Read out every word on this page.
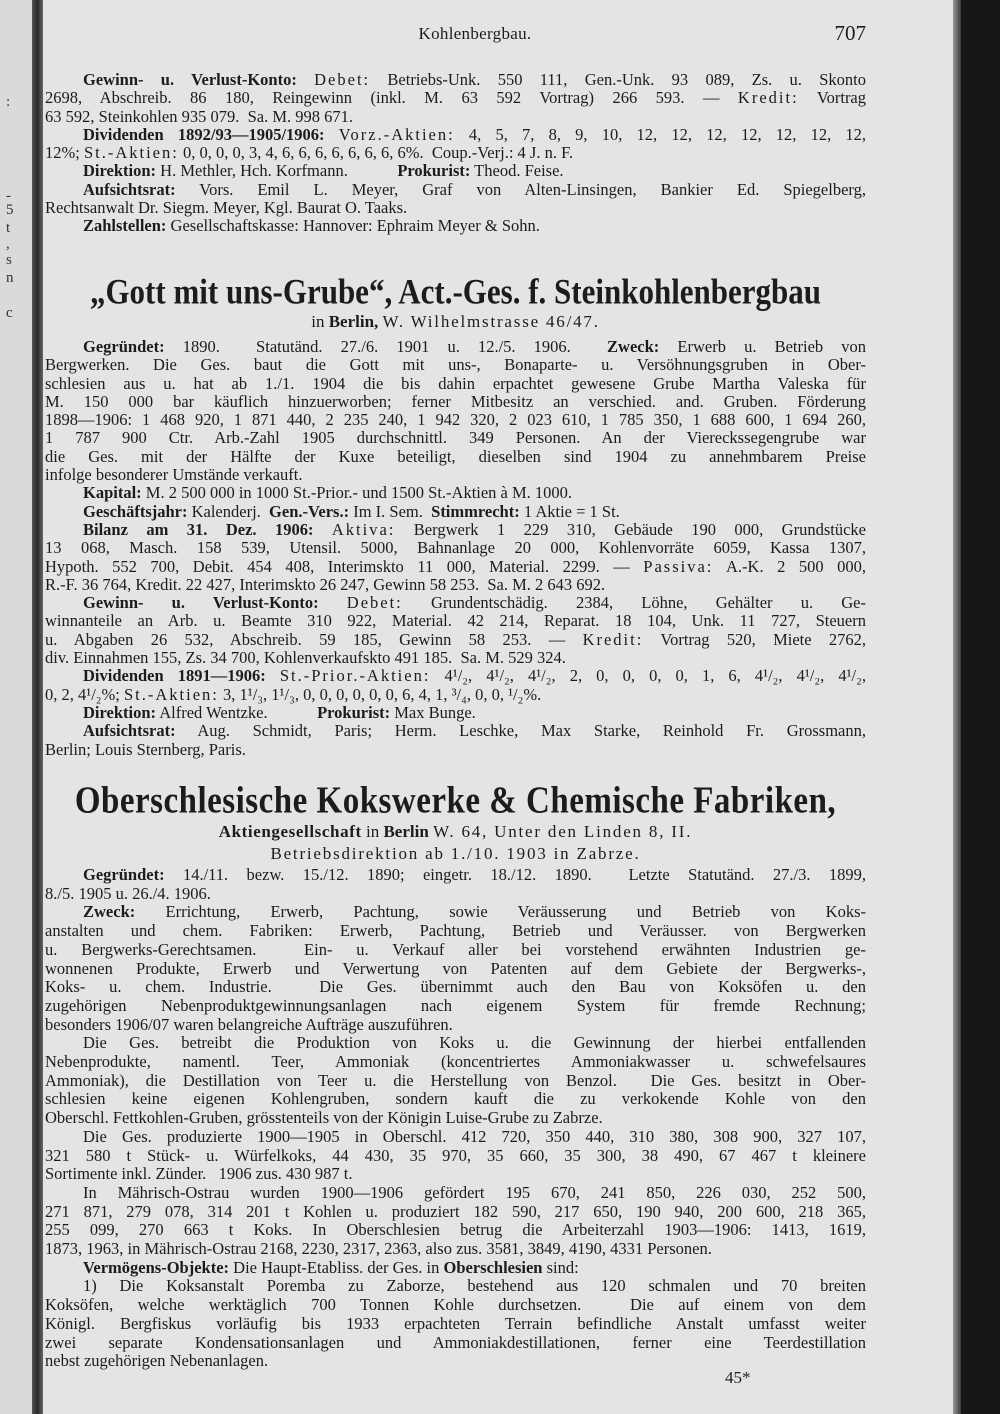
:
-
5
t
,
s
n
c
Kohlenbergbau.	707
Gewinn- u. Verlust-Konto: Debet: Betriebs-Unk. 550 111, Gen.-Unk. 93 089, Zs. u. Skonto
2698, Abschreib. 86 180, Reingewinn (inkl. M. 63 592 Vortrag) 266 593. — Kredit: Vortrag
63 592, Steinkohlen 935 079.  Sa. M. 998 671.
Dividenden 1892/93—1905/1906: Vorz.-Aktien: 4, 5, 7, 8, 9, 10, 12, 12, 12, 12, 12, 12, 12,
12%; St.-Aktien: 0, 0, 0, 0, 3, 4, 6, 6, 6, 6, 6, 6, 6, 6%.  Coup.-Verj.: 4 J. n. F.
Direktion: H. Methler, Hch. Korfmann.   Prokurist: Theod. Feise.
Aufsichtsrat: Vors. Emil L. Meyer, Graf von Alten-Linsingen, Bankier Ed. Spiegelberg,
Rechtsanwalt Dr. Siegm. Meyer, Kgl. Baurat O. Taaks.
Zahlstellen: Gesellschaftskasse: Hannover: Ephraim Meyer & Sohn.
„Gott mit uns-Grube“, Act.-Ges. f. Steinkohlenbergbau
in Berlin, W. Wilhelmstrasse 46/47.
Gegründet: 1890.  Statutänd. 27./6. 1901 u. 12./5. 1906.  Zweck: Erwerb u. Betrieb von
Bergwerken. Die Ges. baut die Gott mit uns-, Bonaparte- u. Versöhnungsgruben in Ober-
schlesien aus u. hat ab 1./1. 1904 die bis dahin erpachtet gewesene Grube Martha Valeska für
M. 150 000 bar käuflich hinzuerworben; ferner Mitbesitz an verschied. and. Gruben. Förderung
1898—1906: 1 468 920, 1 871 440, 2 235 240, 1 942 320, 2 023 610, 1 785 350, 1 688 600, 1 694 260,
1 787 900 Ctr. Arb.-Zahl 1905 durchschnittl. 349 Personen. An der Viereckssegengrube war
die Ges. mit der Hälfte der Kuxe beteiligt, dieselben sind 1904 zu annehmbarem Preise
infolge besonderer Umstände verkauft.
Kapital: M. 2 500 000 in 1000 St.-Prior.- und 1500 St.-Aktien à M. 1000.
Geschäftsjahr: Kalenderj.  Gen.-Vers.: Im I. Sem.  Stimmrecht: 1 Aktie = 1 St.
Bilanz am 31. Dez. 1906: Aktiva: Bergwerk 1 229 310, Gebäude 190 000, Grundstücke
13 068, Masch. 158 539, Utensil. 5000, Bahnanlage 20 000, Kohlenvorräte 6059, Kassa 1307,
Hypoth. 552 700, Debit. 454 408, Interimskto 11 000, Material. 2299. — Passiva: A.-K. 2 500 000,
R.-F. 36 764, Kredit. 22 427, Interimskto 26 247, Gewinn 58 253.  Sa. M. 2 643 692.
Gewinn- u. Verlust-Konto: Debet: Grundentschädig. 2384, Löhne, Gehälter u. Ge-
winnanteile an Arb. u. Beamte 310 922, Material. 42 214, Reparat. 18 104, Unk. 11 727, Steuern
u. Abgaben 26 532, Abschreib. 59 185, Gewinn 58 253. — Kredit: Vortrag 520, Miete 2762,
div. Einnahmen 155, Zs. 34 700, Kohlenverkaufskto 491 185.  Sa. M. 529 324.
Dividenden 1891—1906: St.-Prior.-Aktien: 4¹/₂, 4¹/₂, 4¹/₂, 2, 0, 0, 0, 0, 1, 6, 4¹/₂, 4¹/₂, 4¹/₂,
0, 2, 4¹/₂%; St.-Aktien: 3, 1¹/₃, 1¹/₃, 0, 0, 0, 0, 0, 0, 6, 4, 1, ³/₄, 0, 0, ¹/₂%.
Direktion: Alfred Wentzke.   Prokurist: Max Bunge.
Aufsichtsrat: Aug. Schmidt, Paris; Herm. Leschke, Max Starke, Reinhold Fr. Grossmann,
Berlin; Louis Sternberg, Paris.
Oberschlesische Kokswerke & Chemische Fabriken,
Aktiengesellschaft in Berlin W. 64, Unter den Linden 8, II.
Betriebsdirektion ab 1./10. 1903 in Zabrze.
Gegründet: 14./11. bezw. 15./12. 1890; eingetr. 18./12. 1890.  Letzte Statutänd. 27./3. 1899,
8./5. 1905 u. 26./4. 1906.
Zweck: Errichtung, Erwerb, Pachtung, sowie Veräusserung und Betrieb von Koks-
anstalten und chem. Fabriken: Erwerb, Pachtung, Betrieb und Veräusser. von Bergwerken
u. Bergwerks-Gerechtsamen.  Ein- u. Verkauf aller bei vorstehend erwähnten Industrien ge-
wonnenen Produkte, Erwerb und Verwertung von Patenten auf dem Gebiete der Bergwerks-,
Koks- u. chem. Industrie.  Die Ges. übernimmt auch den Bau von Koksöfen u. den
zugehörigen Nebenproduktgewinnungsanlagen nach eigenem System für fremde Rechnung;
besonders 1906/07 waren belangreiche Aufträge auszuführen.
Die Ges. betreibt die Produktion von Koks u. die Gewinnung der hierbei entfallenden
Nebenprodukte, namentl. Teer, Ammoniak (koncentriertes Ammoniakwasser u. schwefelsaures
Ammoniak), die Destillation von Teer u. die Herstellung von Benzol.  Die Ges. besitzt in Ober-
schlesien keine eigenen Kohlengruben, sondern kauft die zu verkokende Kohle von den
Oberschl. Fettkohlen-Gruben, grösstenteils von der Königin Luise-Grube zu Zabrze.
Die Ges. produzierte 1900—1905 in Oberschl. 412 720, 350 440, 310 380, 308 900, 327 107,
321 580 t Stück- u. Würfelkoks, 44 430, 35 970, 35 660, 35 300, 38 490, 67 467 t kleinere
Sortimente inkl. Zünder.   1906 zus. 430 987 t.
In Mährisch-Ostrau wurden 1900—1906 gefördert 195 670, 241 850, 226 030, 252 500,
271 871, 279 078, 314 201 t Kohlen u. produziert 182 590, 217 650, 190 940, 200 600, 218 365,
255 099, 270 663 t Koks. In Oberschlesien betrug die Arbeiterzahl 1903—1906: 1413, 1619,
1873, 1963, in Mährisch-Ostrau 2168, 2230, 2317, 2363, also zus. 3581, 3849, 4190, 4331 Personen.
Vermögens-Objekte: Die Haupt-Etabliss. der Ges. in Oberschlesien sind:
1) Die Koksanstalt Poremba zu Zaborze, bestehend aus 120 schmalen und 70 breiten
Koksöfen, welche werktäglich 700 Tonnen Kohle durchsetzen.  Die auf einem von dem
Königl. Bergfiskus vorläufig bis 1933 erpachteten Terrain befindliche Anstalt umfasst weiter
zwei separate Kondensationsanlagen und Ammoniakdestillationen, ferner eine Teerdestillation
nebst zugehörigen Nebenanlagen.
45*
